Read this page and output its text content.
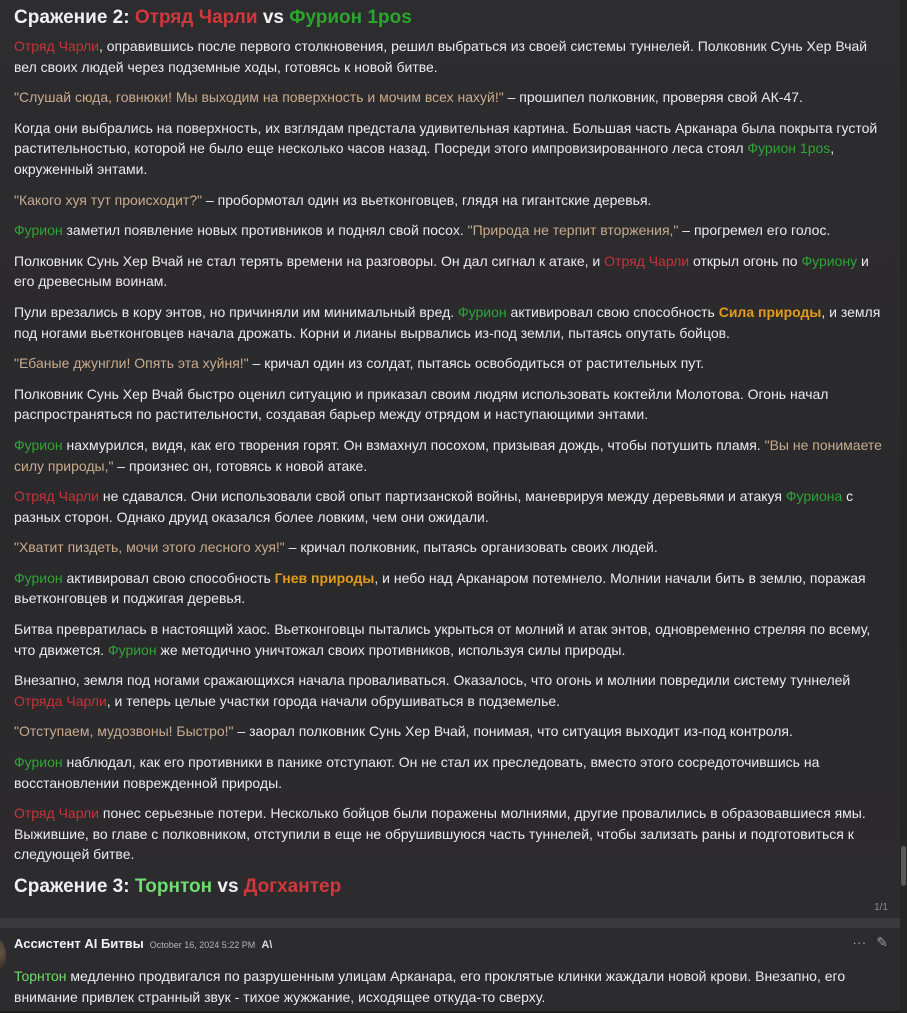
Сражение 2: Отряд Чарли vs Фурион 1pos

Отряд Чарли, оправившись после первого столкновения, решил выбраться из своей системы туннелей. Полковник Сунь Хер Вчай вел своих людей через подземные ходы, готовясь к новой битве.

"Слушай сюда, говнюки! Мы выходим на поверхность и мочим всех нахуй!" – прошипел полковник, проверяя свой АК-47.

Когда они выбрались на поверхность, их взглядам предстала удивительная картина. Большая часть Арканара была покрыта густой растительностью, которой не было еще несколько часов назад. Посреди этого импровизированного леса стоял Фурион 1pos, окруженный энтами.

"Какого хуя тут происходит?" – пробормотал один из вьетконговцев, глядя на гигантские деревья.

Фурион заметил появление новых противников и поднял свой посох. "Природа не терпит вторжения," – прогремел его голос.

Полковник Сунь Хер Вчай не стал терять времени на разговоры. Он дал сигнал к атаке, и Отряд Чарли открыл огонь по Фуриону и его древесным воинам.

Пули врезались в кору энтов, но причиняли им минимальный вред. Фурион активировал свою способность Сила природы, и земля под ногами вьетконговцев начала дрожать. Корни и лианы вырвались из-под земли, пытаясь опутать бойцов.

"Ебаные джунгли! Опять эта хуйня!" – кричал один из солдат, пытаясь освободиться от растительных пут.

Полковник Сунь Хер Вчай быстро оценил ситуацию и приказал своим людям использовать коктейли Молотова. Огонь начал распространяться по растительности, создавая барьер между отрядом и наступающими энтами.

Фурион нахмурился, видя, как его творения горят. Он взмахнул посохом, призывая дождь, чтобы потушить пламя. "Вы не понимаете силу природы," – произнес он, готовясь к новой атаке.

Отряд Чарли не сдавался. Они использовали свой опыт партизанской войны, маневрируя между деревьями и атакуя Фуриона с разных сторон. Однако друид оказался более ловким, чем они ожидали.

"Хватит пиздеть, мочи этого лесного хуя!" – кричал полковник, пытаясь организовать своих людей.

Фурион активировал свою способность Гнев природы, и небо над Арканаром потемнело. Молнии начали бить в землю, поражая вьетконговцев и поджигая деревья.

Битва превратилась в настоящий хаос. Вьетконговцы пытались укрыться от молний и атак энтов, одновременно стреляя по всему, что движется. Фурион же методично уничтожал своих противников, используя силы природы.

Внезапно, земля под ногами сражающихся начала проваливаться. Оказалось, что огонь и молнии повредили систему туннелей Отряда Чарли, и теперь целые участки города начали обрушиваться в подземелье.

"Отступаем, мудозвоны! Быстро!" – заорал полковник Сунь Хер Вчай, понимая, что ситуация выходит из-под контроля.

Фурион наблюдал, как его противники в панике отступают. Он не стал их преследовать, вместо этого сосредоточившись на восстановлении поврежденной природы.

Отряд Чарли понес серьезные потери. Несколько бойцов были поражены молниями, другие провалились в образовавшиеся ямы. Выжившие, во главе с полковником, отступили в еще не обрушившуюся часть туннелей, чтобы зализать раны и подготовиться к следующей битве.

Сражение 3: Торнтон vs Догхантер
1/1
Ассистент AI Битвы October 16, 2024 5:22 PM A\	··· ✎

Торнтон медленно продвигался по разрушенным улицам Арканара, его проклятые клинки жаждали новой крови. Внезапно, его внимание привлек странный звук - тихое жужжание, исходящее откуда-то сверху.
